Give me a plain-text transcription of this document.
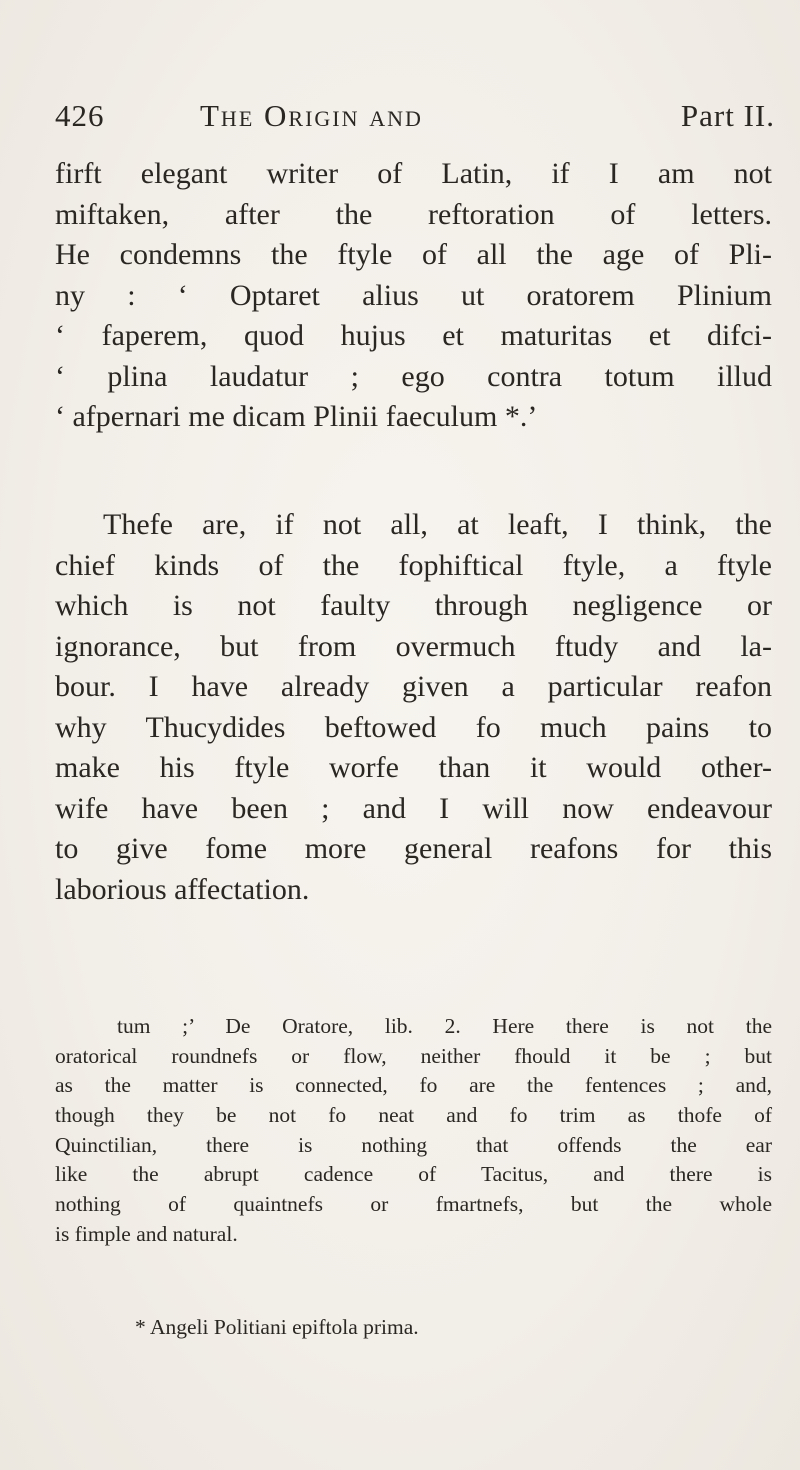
426	The Origin and	Part II.
firft elegant writer of Latin, if I am not
miftaken, after the reftoration of letters.
He condemns the ftyle of all the age of Pli-
ny : ‘ Optaret alius ut oratorem Plinium
‘ faperem, quod hujus et maturitas et difci-
‘ plina laudatur ; ego contra totum illud
‘ afpernari me dicam Plinii faeculum *.’
Thefe are, if not all, at leaft, I think, the
chief kinds of the fophiftical ftyle, a ftyle
which is not faulty through negligence or
ignorance, but from overmuch ftudy and la-
bour. I have already given a particular reafon
why Thucydides beftowed fo much pains to
make his ftyle worfe than it would other-
wife have been ; and I will now endeavour
to give fome more general reafons for this
laborious affectation.
tum ;’ De Oratore, lib. 2. Here there is not the
oratorical roundnefs or flow, neither fhould it be ; but
as the matter is connected, fo are the fentences ; and,
though they be not fo neat and fo trim as thofe of
Quinctilian, there is nothing that offends the ear
like the abrupt cadence of Tacitus, and there is
nothing of quaintnefs or fmartnefs, but the whole
is fimple and natural.
* Angeli Politiani epiftola prima.
